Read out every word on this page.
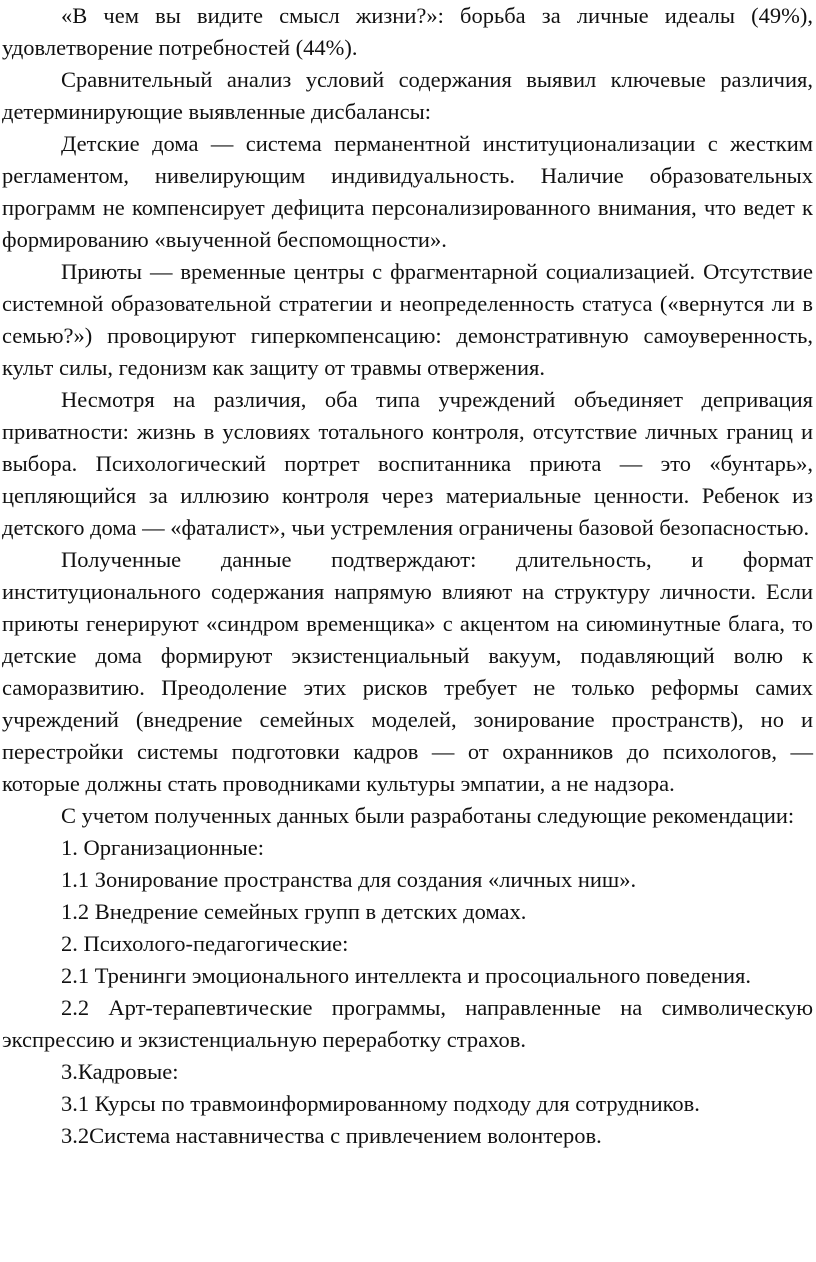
«В чем вы видите смысл жизни?»: борьба за личные идеалы (49%), удовлетворение потребностей (44%).

Сравнительный анализ условий содержания выявил ключевые различия, детерминирующие выявленные дисбалансы:

Детские дома — система перманентной институционализации с жестким регламентом, нивелирующим индивидуальность. Наличие образовательных программ не компенсирует дефицита персонализированного внимания, что ведет к формированию «выученной беспомощности».

Приюты — временные центры с фрагментарной социализацией. Отсутствие системной образовательной стратегии и неопределенность статуса («вернутся ли в семью?») провоцируют гиперкомпенсацию: демонстративную самоуверенность, культ силы, гедонизм как защиту от травмы отвержения.

Несмотря на различия, оба типа учреждений объединяет депривация приватности: жизнь в условиях тотального контроля, отсутствие личных границ и выбора. Психологический портрет воспитанника приюта — это «бунтарь», цепляющийся за иллюзию контроля через материальные ценности. Ребенок из детского дома — «фаталист», чьи устремления ограничены базовой безопасностью.

Полученные данные подтверждают: длительность, и формат институционального содержания напрямую влияют на структуру личности. Если приюты генерируют «синдром временщика» с акцентом на сиюминутные блага, то детские дома формируют экзистенциальный вакуум, подавляющий волю к саморазвитию. Преодоление этих рисков требует не только реформы самих учреждений (внедрение семейных моделей, зонирование пространств), но и перестройки системы подготовки кадров — от охранников до психологов, — которые должны стать проводниками культуры эмпатии, а не надзора.

С учетом полученных данных были разработаны следующие рекомендации:

1. Организационные:

1.1 Зонирование пространства для создания «личных ниш».

1.2 Внедрение семейных групп в детских домах.

2. Психолого-педагогические:

2.1 Тренинги эмоционального интеллекта и просоциального поведения.

2.2 Арт-терапевтические программы, направленные на символическую экспрессию и экзистенциальную переработку страхов.

3.Кадровые:

3.1 Курсы по травмоинформированному подходу для сотрудников.

3.2Система наставничества с привлечением волонтеров.
